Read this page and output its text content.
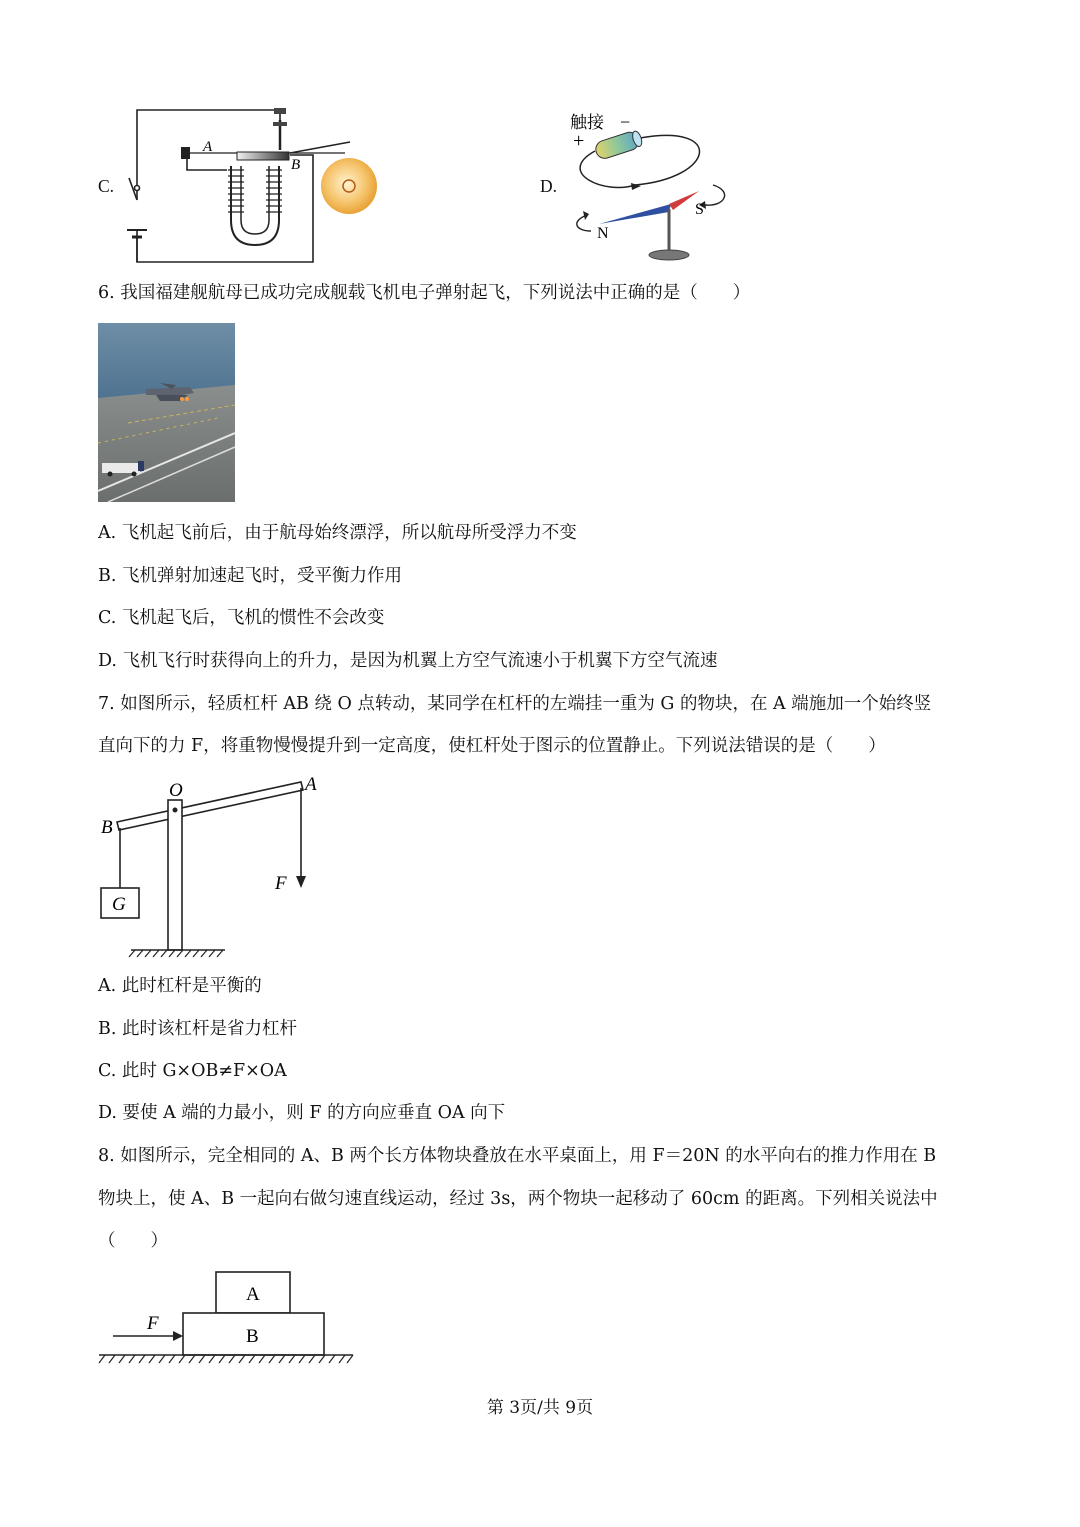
C.
A
B
D.
触接 −
+
S
N
6. 我国福建舰航母已成功完成舰载飞机电子弹射起飞，下列说法中正确的是（　　）
A. 飞机起飞前后，由于航母始终漂浮，所以航母所受浮力不变
B. 飞机弹射加速起飞时，受平衡力作用
C. 飞机起飞后，飞机的惯性不会改变
D. 飞机飞行时获得向上的升力，是因为机翼上方空气流速小于机翼下方空气流速
7. 如图所示，轻质杠杆 AB 绕 O 点转动，某同学在杠杆的左端挂一重为 G 的物块，在 A 端施加一个始终竖
直向下的力 F，将重物慢慢提升到一定高度，使杠杆处于图示的位置静止。下列说法错误的是（　　）
O	A
B
G
F
A. 此时杠杆是平衡的
B. 此时该杠杆是省力杠杆
C. 此时 G×OB≠F×OA
D. 要使 A 端的力最小，则 F 的方向应垂直 OA 向下
8. 如图所示，完全相同的 A、B 两个长方体物块叠放在水平桌面上，用 F＝20N 的水平向右的推力作用在 B
物块上，使 A、B 一起向右做匀速直线运动，经过 3s，两个物块一起移动了 60cm 的距离。下列相关说法中
（　　）
A
B
F
第 3页/共 9页
